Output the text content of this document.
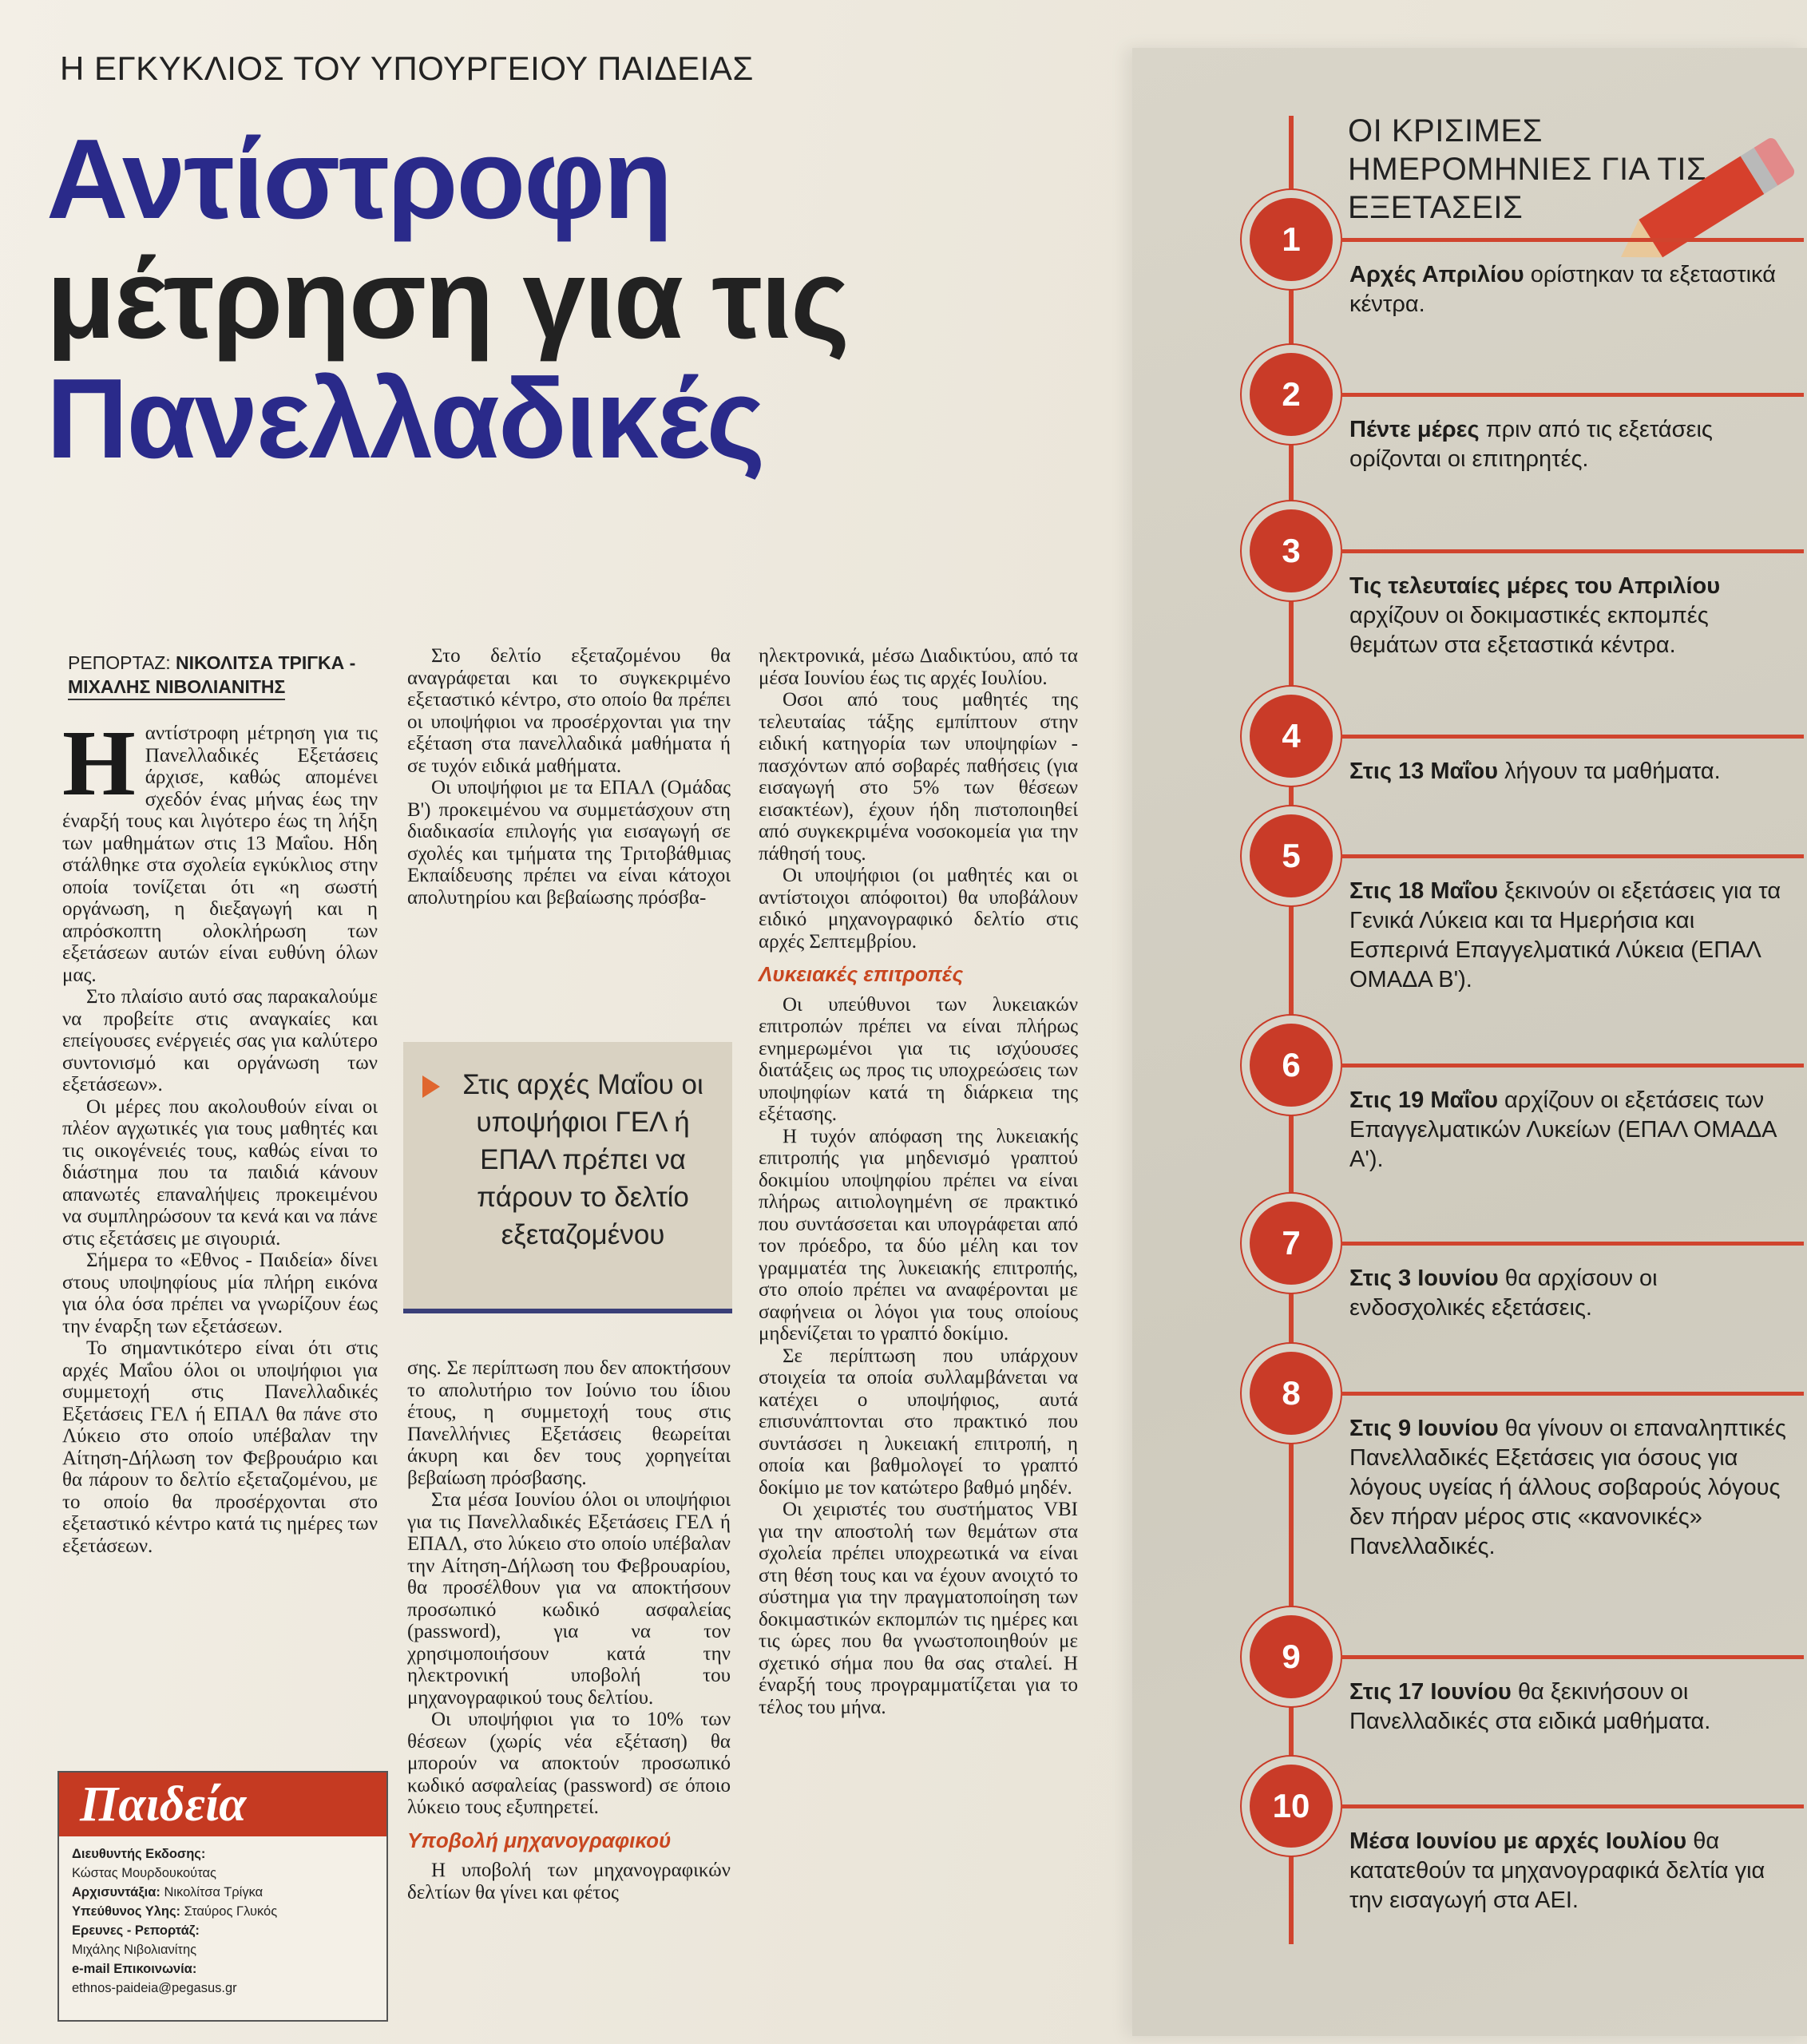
Η ΕΓΚΥΚΛΙΟΣ ΤΟΥ ΥΠΟΥΡΓΕΙΟΥ ΠΑΙΔΕΙΑΣ
Αντίστροφη
μέτρηση για τις
Πανελλαδικές
ΡΕΠΟΡΤΑΖ: ΝΙΚΟΛΙΤΣΑ ΤΡΙΓΚΑ -
ΜΙΧΑΛΗΣ ΝΙΒΟΛΙΑΝΙΤΗΣ
Η αντίστροφη μέτρηση για τις Πανελλαδικές Εξετάσεις άρχισε, καθώς απομένει σχεδόν ένας μήνας έως την έναρξή τους και λιγότερο έως τη λήξη των μαθημάτων στις 13 Μαΐου. Ηδη στάλθηκε στα σχολεία εγκύκλιος στην οποία τονίζεται ότι «η σωστή οργάνωση, η διεξαγωγή και η απρόσκοπτη ολοκλήρωση των εξετάσεων αυτών είναι ευθύνη όλων μας.

Στο πλαίσιο αυτό σας παρακαλούμε να προβείτε στις αναγκαίες και επείγουσες ενέργειές σας για καλύτερο συντονισμό και οργάνωση των εξετάσεων».

Οι μέρες που ακολουθούν είναι οι πλέον αγχωτικές για τους μαθητές και τις οικογένειές τους, καθώς είναι το διάστημα που τα παιδιά κάνουν απανωτές επαναλήψεις προκειμένου να συμπληρώσουν τα κενά και να πάνε στις εξετάσεις με σιγουριά.

Σήμερα το «Εθνος - Παιδεία» δίνει στους υποψηφίους μία πλήρη εικόνα για όλα όσα πρέπει να γνωρίζουν έως την έναρξη των εξετάσεων.

Το σημαντικότερο είναι ότι στις αρχές Μαΐου όλοι οι υποψήφιοι για συμμετοχή στις Πανελλαδικές Εξετάσεις ΓΕΛ ή ΕΠΑΛ θα πάνε στο Λύκειο στο οποίο υπέβαλαν την Αίτηση-Δήλωση τον Φεβρουάριο και θα πάρουν το δελτίο εξεταζομένου, με το οποίο θα προσέρχονται στο εξεταστικό κέντρο κατά τις ημέρες των εξετάσεων.

Στο δελτίο εξεταζομένου θα αναγράφεται και το συγκεκριμένο εξεταστικό κέντρο, στο οποίο θα πρέπει οι υποψήφιοι να προσέρχονται για την εξέταση στα πανελλαδικά μαθήματα ή σε τυχόν ειδικά μαθήματα.

Οι υποψήφιοι με τα ΕΠΑΛ (Ομάδας Β') προκειμένου να συμμετάσχουν στη διαδικασία επιλογής για εισαγωγή σε σχολές και τμήματα της Τριτοβάθμιας Εκπαίδευσης πρέπει να είναι κάτοχοι απολυτηρίου και βεβαίωσης πρόσβα-

Στις αρχές Μαΐου οι υποψήφιοι ΓΕΛ ή ΕΠΑΛ πρέπει να πάρουν το δελτίο εξεταζομένου

σης. Σε περίπτωση που δεν αποκτήσουν το απολυτήριο τον Ιούνιο του ίδιου έτους, η συμμετοχή τους στις Πανελλήνιες Εξετάσεις θεωρείται άκυρη και δεν τους χορηγείται βεβαίωση πρόσβασης.

Στα μέσα Ιουνίου όλοι οι υποψήφιοι για τις Πανελλαδικές Εξετάσεις ΓΕΛ ή ΕΠΑΛ, στο λύκειο στο οποίο υπέβαλαν την Αίτηση-Δήλωση του Φεβρουαρίου, θα προσέλθουν για να αποκτήσουν προσωπικό κωδικό ασφαλείας (password), για να τον χρησιμοποιήσουν κατά την ηλεκτρονική υποβολή του μηχανογραφικού τους δελτίου.

Οι υποψήφιοι για το 10% των θέσεων (χωρίς νέα εξέταση) θα μπορούν να αποκτούν προσωπικό κωδικό ασφαλείας (password) σε όποιο λύκειο τους εξυπηρετεί.

Υποβολή μηχανογραφικού

Η υποβολή των μηχανογραφικών δελτίων θα γίνει και φέτος

ηλεκτρονικά, μέσω Διαδικτύου, από τα μέσα Ιουνίου έως τις αρχές Ιουλίου.

Οσοι από τους μαθητές της τελευταίας τάξης εμπίπτουν στην ειδική κατηγορία των υποψηφίων - πασχόντων από σοβαρές παθήσεις (για εισαγωγή στο 5% των θέσεων εισακτέων), έχουν ήδη πιστοποιηθεί από συγκεκριμένα νοσοκομεία για την πάθησή τους.

Οι υποψήφιοι (οι μαθητές και οι αντίστοιχοι απόφοιτοι) θα υποβάλουν ειδικό μηχανογραφικό δελτίο στις αρχές Σεπτεμβρίου.

Λυκειακές επιτροπές

Οι υπεύθυνοι των λυκειακών επιτροπών πρέπει να είναι πλήρως ενημερωμένοι για τις ισχύουσες διατάξεις ως προς τις υποχρεώσεις των υποψηφίων κατά τη διάρκεια της εξέτασης.

Η τυχόν απόφαση της λυκειακής επιτροπής για μηδενισμό γραπτού δοκιμίου υποψηφίου πρέπει να είναι πλήρως αιτιολογημένη σε πρακτικό που συντάσσεται και υπογράφεται από τον πρόεδρο, τα δύο μέλη και τον γραμματέα της λυκειακής επιτροπής, στο οποίο πρέπει να αναφέρονται με σαφήνεια οι λόγοι για τους οποίους μηδενίζεται το γραπτό δοκίμιο.

Σε περίπτωση που υπάρχουν στοιχεία τα οποία συλλαμβάνεται να κατέχει ο υποψήφιος, αυτά επισυνάπτονται στο πρακτικό που συντάσσει η λυκειακή επιτροπή, η οποία και βαθμολογεί το γραπτό δοκίμιο με τον κατώτερο βαθμό μηδέν.

Οι χειριστές του συστήματος VBI για την αποστολή των θεμάτων στα σχολεία πρέπει υποχρεωτικά να είναι στη θέση τους και να έχουν ανοιχτό το σύστημα για την πραγματοποίηση των δοκιμαστικών εκπομπών τις ημέρες και τις ώρες που θα γνωστοποιηθούν με σχετικό σήμα που θα σας σταλεί. Η έναρξή τους προγραμματίζεται για το τέλος του μήνα.

Παιδεία
Διευθυντής Εκδοσης:
Κώστας Μουρδουκούτας
Αρχισυντάξια: Νικολίτσα Τρίγκα
Υπεύθυνος Υλης: Σταύρος Γλυκός
Ερευνες - Ρεπορτάζ:
Μιχάλης Νιβολιανίτης
e-mail Επικοινωνία:
ethnos-paideia@pegasus.gr
ΟΙ ΚΡΙΣΙΜΕΣ ΗΜΕΡΟΜΗΝΙΕΣ ΓΙΑ ΤΙΣ ΕΞΕΤΑΣΕΙΣ
1
Αρχές Απριλίου ορίστηκαν τα εξεταστικά κέντρα.
2
Πέντε μέρες πριν από τις εξετάσεις ορίζονται οι επιτηρητές.
3
Τις τελευταίες μέρες του Απριλίου αρχίζουν οι δοκιμαστικές εκπομπές θεμάτων στα εξεταστικά κέντρα.
4
Στις 13 Μαΐου λήγουν τα μαθήματα.
5
Στις 18 Μαΐου ξεκινούν οι εξετάσεις για τα Γενικά Λύκεια και τα Ημερήσια και Εσπερινά Επαγγελματικά Λύκεια (ΕΠΑΛ ΟΜΑΔΑ Β').
6
Στις 19 Μαΐου αρχίζουν οι εξετάσεις των Επαγγελματικών Λυκείων (ΕΠΑΛ ΟΜΑΔΑ Α').
7
Στις 3 Ιουνίου θα αρχίσουν οι ενδοσχολικές εξετάσεις.
8
Στις 9 Ιουνίου θα γίνουν οι επαναληπτικές Πανελλαδικές Εξετάσεις για όσους για λόγους υγείας ή άλλους σοβαρούς λόγους δεν πήραν μέρος στις «κανονικές» Πανελλαδικές.
9
Στις 17 Ιουνίου θα ξεκινήσουν οι Πανελλαδικές στα ειδικά μαθήματα.
10
Μέσα Ιουνίου με αρχές Ιουλίου θα κατατεθούν τα μηχανογραφικά δελτία για την εισαγωγή στα ΑΕΙ.
